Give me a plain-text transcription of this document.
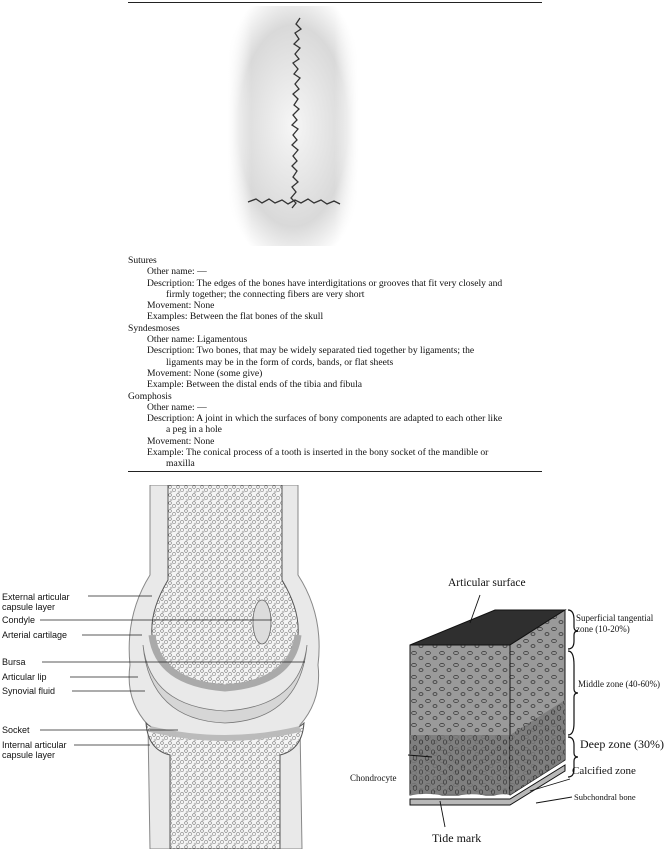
Sutures
Other name: —
Description: The edges of the bones have interdigitations or grooves that fit very closely and
firmly together; the connecting fibers are very short
Movement: None
Examples: Between the flat bones of the skull
Syndesmoses
Other name: Ligamentous
Description: Two bones, that may be widely separated tied together by ligaments; the
ligaments may be in the form of cords, bands, or flat sheets
Movement: None (some give)
Example: Between the distal ends of the tibia and fibula
Gomphosis
Other name: —
Description: A joint in which the surfaces of bony components are adapted to each other like
a peg in a hole
Movement: None
Example: The conical process of a tooth is inserted in the bony socket of the mandible or
maxilla
External articular
capsule layer
Condyle
Arterial cartilage
Bursa
Articular lip
Synovial fluid
Socket
Internal articular
capsule layer
Articular surface
Superficial tangential
zone (10-20%)
Middle zone (40-60%)
Deep zone (30%)
Calcified zone
Chondrocyte
Subchondral bone
Tide mark
